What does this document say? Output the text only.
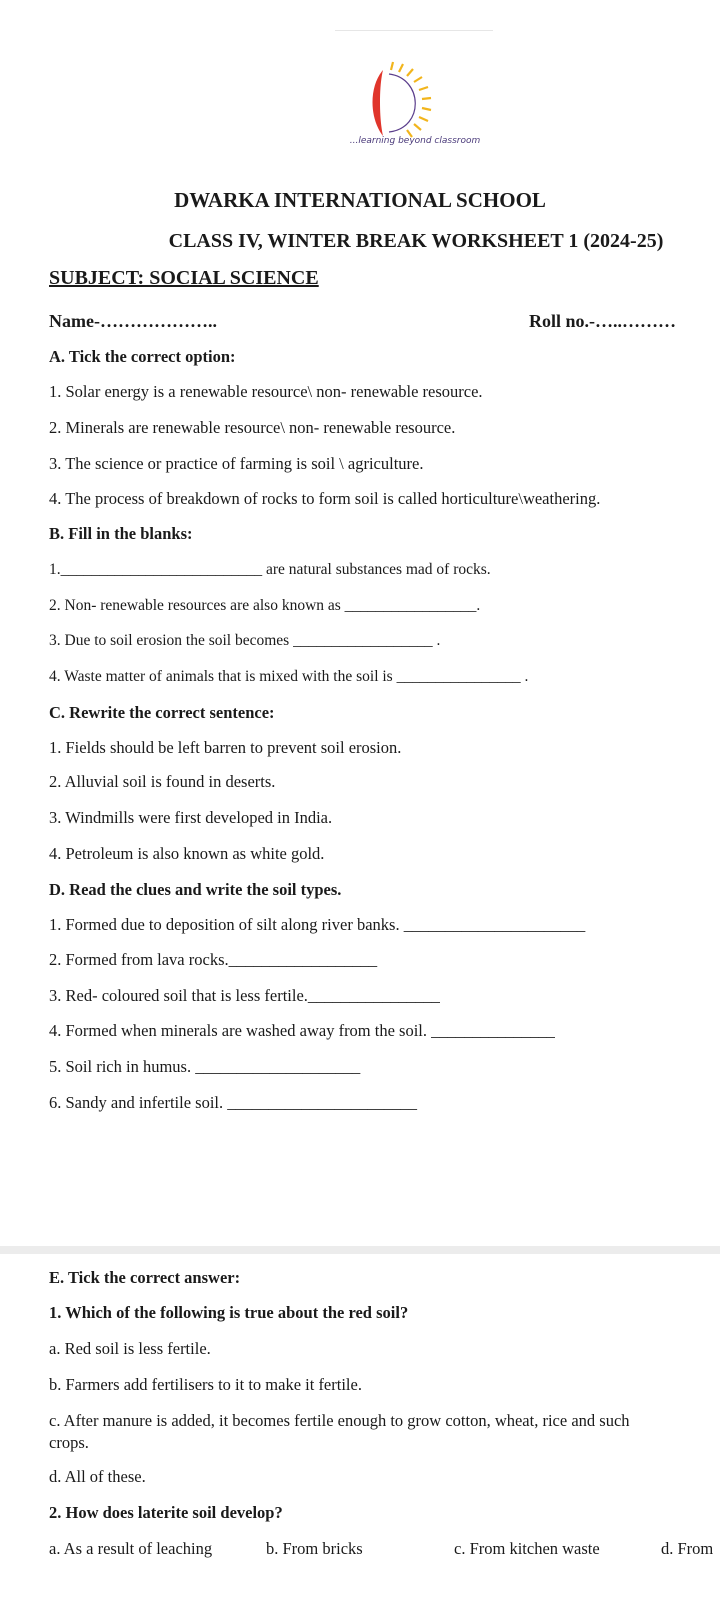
...learning beyond classroom
DWARKA INTERNATIONAL SCHOOL
CLASS IV, WINTER BREAK WORKSHEET 1 (2024-25)
SUBJECT: SOCIAL SCIENCE
Name-………………..	Roll no.-…..………
A. Tick the correct option:
1. Solar energy is a renewable resource\ non- renewable resource.
2. Minerals are renewable resource\ non- renewable resource.
3. The science or practice of farming is soil \ agriculture.
4. The process of breakdown of rocks to form soil is called horticulture\weathering.
B. Fill in the blanks:
1.__________________________ are natural substances mad of rocks.
2. Non- renewable resources are also known as _________________.
3. Due to soil erosion the soil becomes __________________ .
4. Waste matter of animals that is mixed with the soil is ________________ .
C. Rewrite the correct sentence:
1. Fields should be left barren to prevent soil erosion.
2. Alluvial soil is found in deserts.
3. Windmills were first developed in India.
4. Petroleum is also known as white gold.
D. Read the clues and write the soil types.
1. Formed due to deposition of silt along river banks. ______________________
2. Formed from lava rocks.__________________
3. Red- coloured soil that is less fertile.________________
4. Formed when minerals are washed away from the soil. _______________
5. Soil rich in humus. ____________________
6. Sandy and infertile soil. _______________________
E. Tick the correct answer:
1. Which of the following is true about the red soil?
a. Red soil is less fertile.
b. Farmers add fertilisers to it to make it fertile.
c. After manure is added, it becomes fertile enough to grow cotton, wheat, rice and such
crops.
d. All of these.
2. How does laterite soil develop?
a. As a result of leaching	b. From bricks	c. From kitchen waste	d. From
